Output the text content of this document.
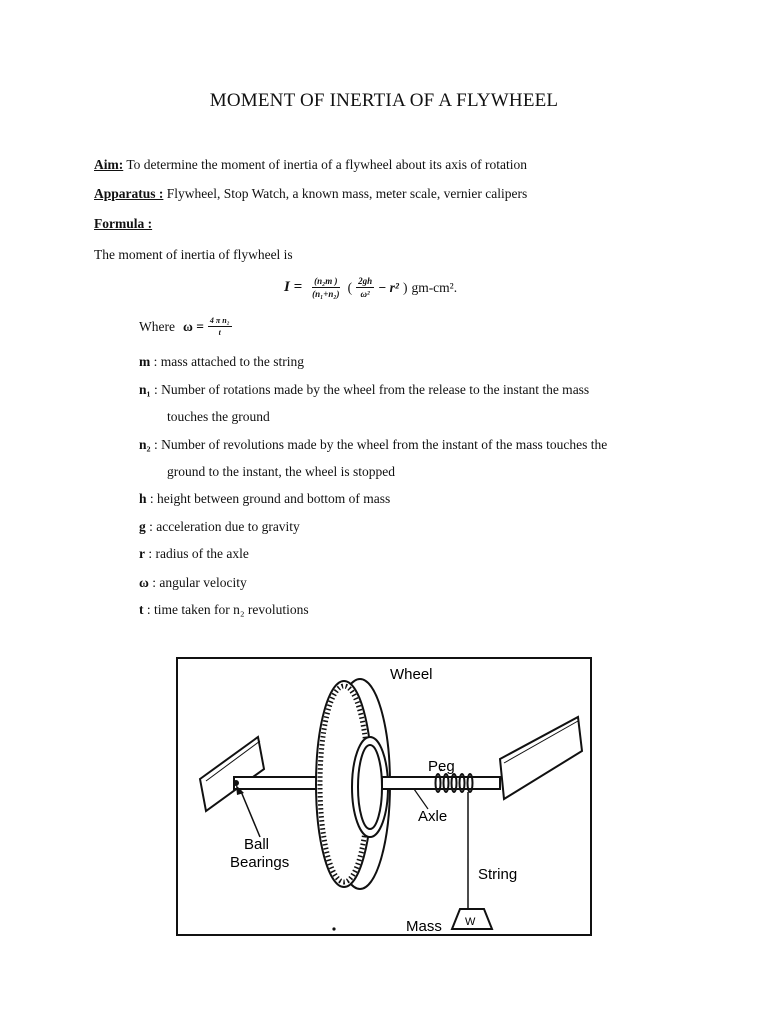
MOMENT OF INERTIA OF A FLYWHEEL
Aim: To determine the moment of inertia of a flywheel about its axis of rotation
Apparatus : Flywheel, Stop Watch, a known mass, meter scale, vernier calipers
Formula :
The moment of inertia of flywheel is
$I = \frac{\text{(n₂m )}}{\text{(n₁+n₂)}}$ ( $\frac{2gh}{\text{ω²}} - r^2$ ) gm-cm².
Where $\omega = \frac{\text{4 π n₂}}{t}$
m : mass attached to the string
n₁ : Number of rotations made by the wheel from the release to the instant the mass
touches the ground
n₂ : Number of revolutions made by the wheel from the instant of the mass touches the
ground to the instant, the wheel is stopped
h : height between ground and bottom of mass
g : acceleration due to gravity
r : radius of the axle
ω : angular velocity
t : time taken for n₂ revolutions
Wheel
Peg
Axle
Ball
Bearings
String
Mass W
